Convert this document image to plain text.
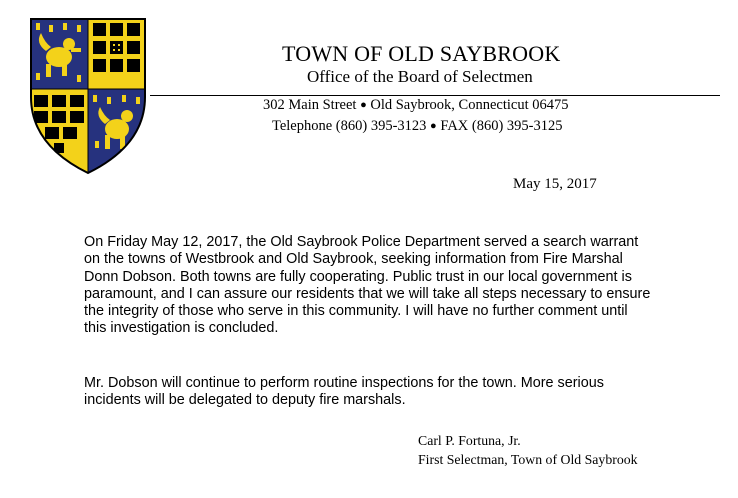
TOWN OF OLD SAYBROOK
Office of the Board of Selectmen
302 Main Street ● Old Saybrook, Connecticut 06475
Telephone (860) 395-3123 ● FAX (860) 395-3125
May 15, 2017
On Friday May 12, 2017, the Old Saybrook Police Department served a search warrant
on the towns of Westbrook and Old Saybrook, seeking information from Fire Marshal
Donn Dobson. Both towns are fully cooperating. Public trust in our local government is
paramount, and I can assure our residents that we will take all steps necessary to ensure
the integrity of those who serve in this community. I will have no further comment until
this investigation is concluded.
Mr. Dobson will continue to perform routine inspections for the town. More serious
incidents will be delegated to deputy fire marshals.
Carl P. Fortuna, Jr.
First Selectman, Town of Old Saybrook
